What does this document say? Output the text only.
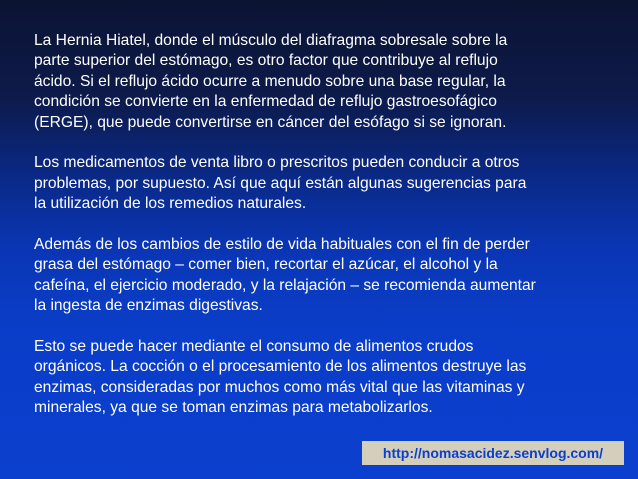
La Hernia Hiatel, donde el músculo del diafragma sobresale sobre la
parte superior del estómago, es otro factor que contribuye al reflujo
ácido. Si el reflujo ácido ocurre a menudo sobre una base regular, la
condición se convierte en la enfermedad de reflujo gastroesofágico
(ERGE), que puede convertirse en cáncer del esófago si se ignoran.

Los medicamentos de venta libro o prescritos pueden conducir a otros
problemas, por supuesto. Así que aquí están algunas sugerencias para
la utilización de los remedios naturales.

Además de los cambios de estilo de vida habituales con el fin de perder
grasa del estómago – comer bien, recortar el azúcar, el alcohol y la
cafeína, el ejercicio moderado, y la relajación – se recomienda aumentar
la ingesta de enzimas digestivas.

Esto se puede hacer mediante el consumo de alimentos crudos
orgánicos. La cocción o el procesamiento de los alimentos destruye las
enzimas, consideradas por muchos como más vital que las vitaminas y
minerales, ya que se toman enzimas para metabolizarlos.

http://nomasacidez.senvlog.com/
